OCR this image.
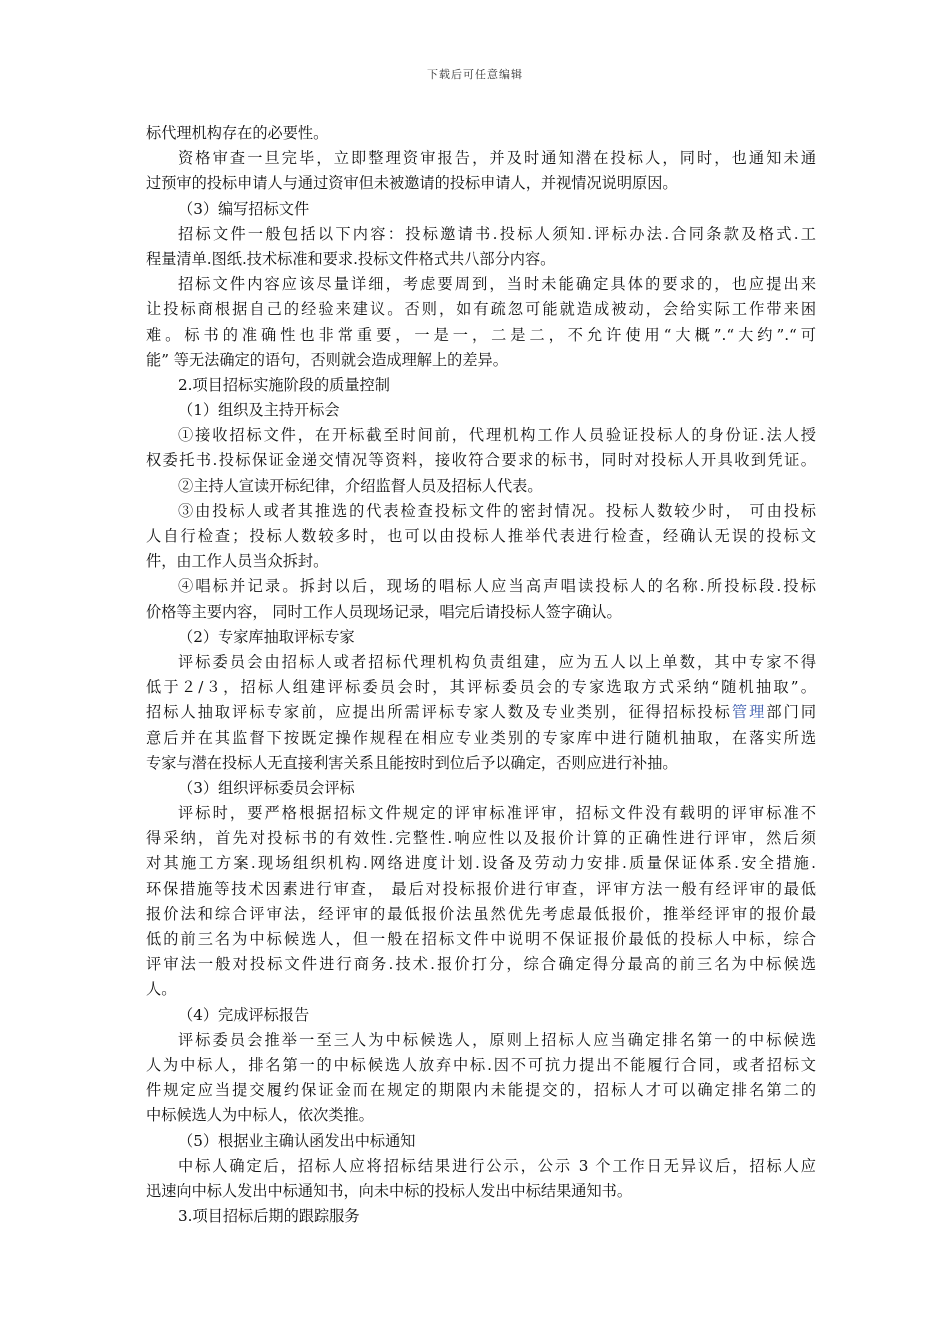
下载后可任意编辑
标代理机构存在的必要性。
资格审查一旦完毕，立即整理资审报告，并及时通知潜在投标人，同时，也通知未通
过预审的投标申请人与通过资审但未被邀请的投标申请人，并视情况说明原因。
（3）编写招标文件
招标文件一般包括以下内容：投标邀请书.投标人须知.评标办法.合同条款及格式.工
程量清单.图纸.技术标准和要求.投标文件格式共八部分内容。
招标文件内容应该尽量详细，考虑要周到，当时未能确定具体的要求的，也应提出来
让投标商根据自己的经验来建议。否则，如有疏忽可能就造成被动，会给实际工作带来困
难。标书的准确性也非常重要，一是一，二是二，不允许使用“大概”.“大约”.“可
能” 等无法确定的语句，否则就会造成理解上的差异。
2.项目招标实施阶段的质量控制
（1）组织及主持开标会
①接收招标文件，在开标截至时间前，代理机构工作人员验证投标人的身份证.法人授
权委托书.投标保证金递交情况等资料，接收符合要求的标书，同时对投标人开具收到凭证。
②主持人宣读开标纪律，介绍监督人员及招标人代表。
③由投标人或者其推选的代表检查投标文件的密封情况。投标人数较少时， 可由投标
人自行检查；投标人数较多时，也可以由投标人推举代表进行检查，经确认无误的投标文
件，由工作人员当众拆封。
④唱标并记录。拆封以后，现场的唱标人应当高声唱读投标人的名称.所投标段.投标
价格等主要内容， 同时工作人员现场记录，唱完后请投标人签字确认。
（2）专家库抽取评标专家
评标委员会由招标人或者招标代理机构负责组建，应为五人以上单数，其中专家不得
低于２/３，招标人组建评标委员会时，其评标委员会的专家选取方式采纳“随机抽取”。
招标人抽取评标专家前，应提出所需评标专家人数及专业类别，征得招标投标管理部门同
意后并在其监督下按既定操作规程在相应专业类别的专家库中进行随机抽取，在落实所选
专家与潜在投标人无直接利害关系且能按时到位后予以确定，否则应进行补抽。
（3）组织评标委员会评标
评标时，要严格根据招标文件规定的评审标准评审，招标文件没有载明的评审标准不
得采纳，首先对投标书的有效性.完整性.响应性以及报价计算的正确性进行评审，然后须
对其施工方案.现场组织机构.网络进度计划.设备及劳动力安排.质量保证体系.安全措施.
环保措施等技术因素进行审查， 最后对投标报价进行审查，评审方法一般有经评审的最低
报价法和综合评审法，经评审的最低报价法虽然优先考虑最低报价，推举经评审的报价最
低的前三名为中标候选人，但一般在招标文件中说明不保证报价最低的投标人中标，综合
评审法一般对投标文件进行商务.技术.报价打分，综合确定得分最高的前三名为中标候选
人。
（4）完成评标报告
评标委员会推举一至三人为中标候选人，原则上招标人应当确定排名第一的中标候选
人为中标人，排名第一的中标候选人放弃中标.因不可抗力提出不能履行合同，或者招标文
件规定应当提交履约保证金而在规定的期限内未能提交的，招标人才可以确定排名第二的
中标候选人为中标人，依次类推。
（5）根据业主确认函发出中标通知
中标人确定后，招标人应将招标结果进行公示，公示 3 个工作日无异议后，招标人应
迅速向中标人发出中标通知书，向未中标的投标人发出中标结果通知书。
3.项目招标后期的跟踪服务
